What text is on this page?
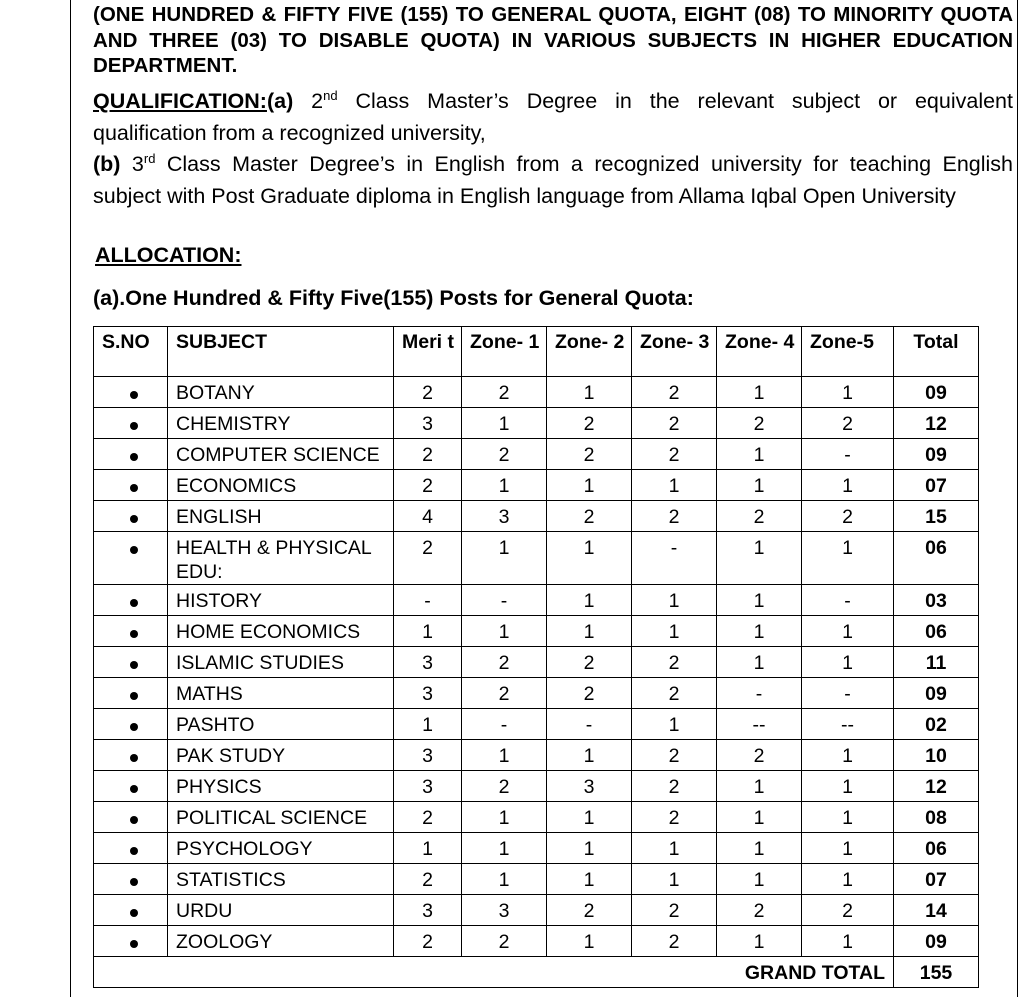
(ONE HUNDRED & FIFTY FIVE (155) TO GENERAL QUOTA, EIGHT (08) TO MINORITY QUOTA AND THREE (03) TO DISABLE QUOTA) IN VARIOUS SUBJECTS IN HIGHER EDUCATION DEPARTMENT.
QUALIFICATION:(a) 2nd Class Master’s Degree in the relevant subject or equivalent qualification from a recognized university,
(b) 3rd Class Master Degree’s in English from a recognized university for teaching English subject with Post Graduate diploma in English language from Allama Iqbal Open University
ALLOCATION:
(a).One Hundred & Fifty Five(155) Posts for General Quota:
S.NO	SUBJECT	Meri t	Zone- 1	Zone- 2	Zone- 3	Zone- 4	Zone-5	Total
	BOTANY	2	2	1	2	1	1	09
	CHEMISTRY	3	1	2	2	2	2	12
	COMPUTER SCIENCE	2	2	2	2	1	-	09
	ECONOMICS	2	1	1	1	1	1	07
	ENGLISH	4	3	2	2	2	2	15
	HEALTH & PHYSICAL EDU:	2	1	1	-	1	1	06
	HISTORY	-	-	1	1	1	-	03
	HOME ECONOMICS	1	1	1	1	1	1	06
	ISLAMIC STUDIES	3	2	2	2	1	1	11
	MATHS	3	2	2	2	-	-	09
	PASHTO	1	-	-	1	--	--	02
	PAK STUDY	3	1	1	2	2	1	10
	PHYSICS	3	2	3	2	1	1	12
	POLITICAL SCIENCE	2	1	1	2	1	1	08
	PSYCHOLOGY	1	1	1	1	1	1	06
	STATISTICS	2	1	1	1	1	1	07
	URDU	3	3	2	2	2	2	14
	ZOOLOGY	2	2	1	2	1	1	09
GRAND TOTAL								155
